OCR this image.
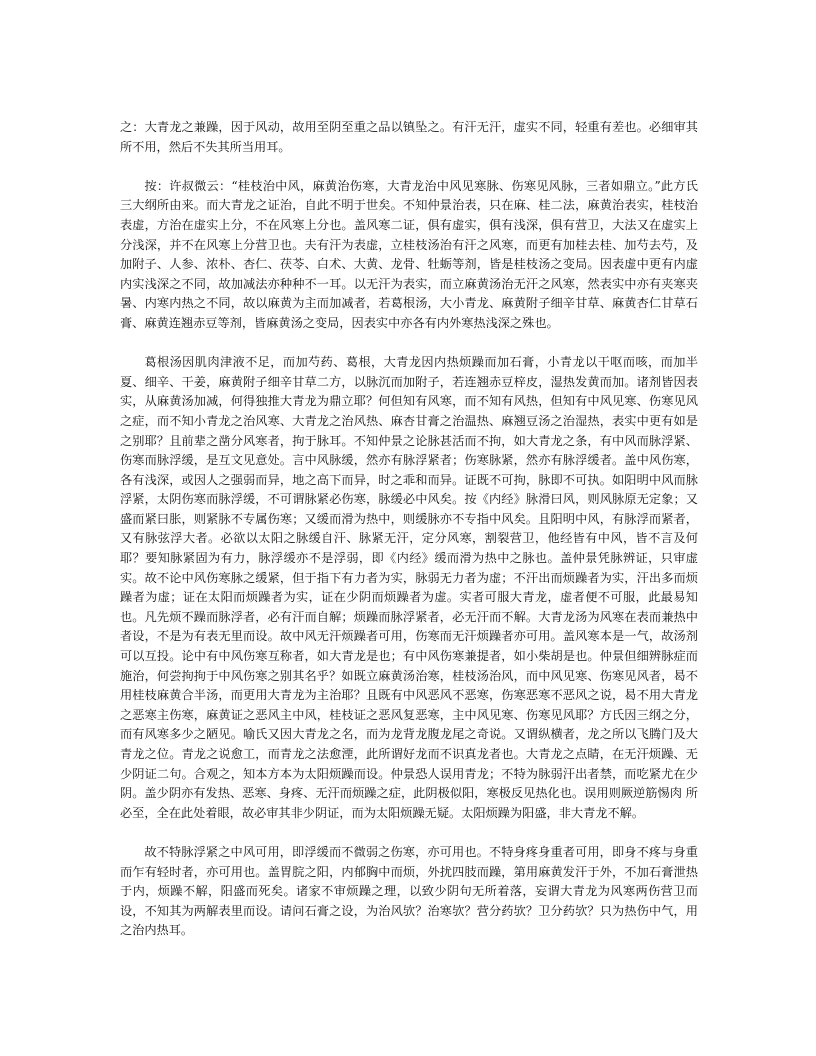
之：大青龙之兼躁，因于风动，故用至阴至重之品以镇坠之。有汗无汗，虚实不同，轻重有差也。必细审其所不用，然后不失其所当用耳。

按：许叔微云：“桂枝治中风，麻黄治伤寒，大青龙治中风见寒脉、伤寒见风脉，三者如鼎立。”此方氏三大纲所由来。而大青龙之证治，自此不明于世矣。不知仲景治表，只在麻、桂二法，麻黄治表实，桂枝治表虚，方治在虚实上分，不在风寒上分也。盖风寒二证，俱有虚实，俱有浅深，俱有营卫，大法又在虚实上分浅深，并不在风寒上分营卫也。夫有汗为表虚，立桂枝汤治有汗之风寒，而更有加桂去桂、加芍去芍，及加附子、人参、浓朴、杏仁、茯苓、白术、大黄、龙骨、牡蛎等剂，皆是桂枝汤之变局。因表虚中更有内虚内实浅深之不同，故加减法亦种种不一耳。以无汗为表实，而立麻黄汤治无汗之风寒，然表实中亦有夹寒夹暑、内寒内热之不同，故以麻黄为主而加减者，若葛根汤，大小青龙、麻黄附子细辛甘草、麻黄杏仁甘草石膏、麻黄连翘赤豆等剂，皆麻黄汤之变局，因表实中亦各有内外寒热浅深之殊也。

葛根汤因肌肉津液不足，而加芍药、葛根，大青龙因内热烦躁而加石膏，小青龙以干呕而咳，而加半夏、细辛、干姜，麻黄附子细辛甘草二方，以脉沉而加附子，若连翘赤豆梓皮，湿热发黄而加。诸剂皆因表实，从麻黄汤加减，何得独推大青龙为鼎立耶？何但知有风寒，而不知有风热，但知有中风见寒、伤寒见风之症，而不知小青龙之治风寒、大青龙之治风热、麻杏甘膏之治温热、麻翘豆汤之治湿热，表实中更有如是之别耶？且前辈之凿分风寒者，拘于脉耳。不知仲景之论脉甚活而不拘，如大青龙之条，有中风而脉浮紧、伤寒而脉浮缓，是互文见意处。言中风脉缓，然亦有脉浮紧者；伤寒脉紧，然亦有脉浮缓者。盖中风伤寒，各有浅深，或因人之强弱而异，地之高下而异，时之乖和而异。证既不可拘，脉即不可执。如阳明中风而脉浮紧，太阴伤寒而脉浮缓，不可谓脉紧必伤寒，脉缓必中风矣。按《内经》脉滑曰风，则风脉原无定象；又盛而紧曰胀，则紧脉不专属伤寒；又缓而滑为热中，则缓脉亦不专指中风矣。且阳明中风，有脉浮而紧者，又有脉弦浮大者。必欲以太阳之脉缓自汗、脉紧无汗，定分风寒，割裂营卫，他经皆有中风，皆不言及何耶？要知脉紧固为有力，脉浮缓亦不是浮弱，即《内经》缓而滑为热中之脉也。盖仲景凭脉辨证，只审虚实。故不论中风伤寒脉之缓紧，但于指下有力者为实，脉弱无力者为虚；不汗出而烦躁者为实，汗出多而烦躁者为虚；证在太阳而烦躁者为实，证在少阴而烦躁者为虚。实者可服大青龙，虚者便不可服，此最易知也。凡先烦不躁而脉浮者，必有汗而自解；烦躁而脉浮紧者，必无汗而不解。大青龙汤为风寒在表而兼热中者设，不是为有表无里而设。故中风无汗烦躁者可用，伤寒而无汗烦躁者亦可用。盖风寒本是一气，故汤剂可以互投。论中有中风伤寒互称者，如大青龙是也；有中风伤寒兼提者，如小柴胡是也。仲景但细辨脉症而施治，何尝拘拘于中风伤寒之别其名乎？如既立麻黄汤治寒，桂枝汤治风，而中风见寒、伤寒见风者，曷不用桂枝麻黄合半汤，而更用大青龙为主治耶？且既有中风恶风不恶寒，伤寒恶寒不恶风之说，曷不用大青龙之恶寒主伤寒，麻黄证之恶风主中风，桂枝证之恶风复恶寒，主中风见寒、伤寒见风耶？方氏因三纲之分，而有风寒多少之陋见。喻氏又因大青龙之名，而为龙背龙腹龙尾之奇说。又谓纵横者，龙之所以飞腾门及大青龙之位。青龙之说愈工，而青龙之法愈湮，此所谓好龙而不识真龙者也。大青龙之点睛，在无汗烦躁、无少阴证二句。合观之，知本方本为太阳烦躁而设。仲景恐人误用青龙；不特为脉弱汗出者禁，而吃紧尤在少阴。盖少阴亦有发热、恶寒、身疼、无汗而烦躁之症，此阴极似阳，寒极反见热化也。误用则厥逆筋惕肉 所必至，全在此处着眼，故必审其非少阴证，而为太阳烦躁无疑。太阳烦躁为阳盛，非大青龙不解。

故不特脉浮紧之中风可用，即浮缓而不微弱之伤寒，亦可用也。不特身疼身重者可用，即身不疼与身重而乍有轻时者，亦可用也。盖胃脘之阳，内郁胸中而烦，外扰四肢而躁，第用麻黄发汗于外，不加石膏泄热于内，烦躁不解，阳盛而死矣。诸家不审烦躁之理，以致少阴句无所着落，妄谓大青龙为风寒两伤营卫而设，不知其为两解表里而设。请问石膏之设，为治风欤？治寒欤？营分药欤？卫分药欤？只为热伤中气，用之治内热耳。
